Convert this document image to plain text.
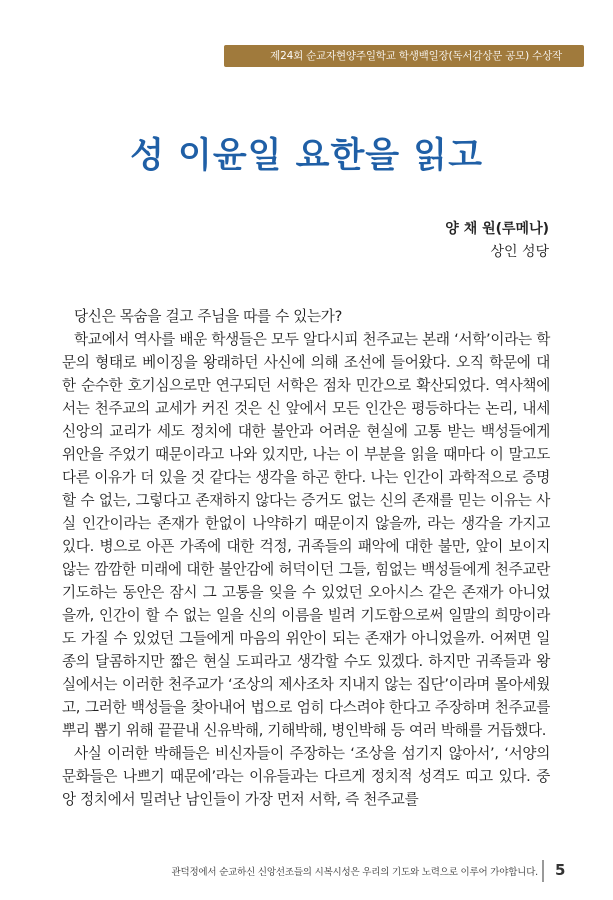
제24회 순교자현양주일학교 학생백일장(독서감상문 공모) 수상작
성 이윤일 요한을 읽고
양 채 원(루메나)
상인 성당

당신은 목숨을 걸고 주님을 따를 수 있는가?

학교에서 역사를 배운 학생들은 모두 알다시피 천주교는 본래 ‘서학’이라는 학문의 형태로 베이징을 왕래하던 사신에 의해 조선에 들어왔다. 오직 학문에 대한 순수한 호기심으로만 연구되던 서학은 점차 민간으로 확산되었다. 역사책에서는 천주교의 교세가 커진 것은 신 앞에서 모든 인간은 평등하다는 논리, 내세 신앙의 교리가 세도 정치에 대한 불안과 어려운 현실에 고통 받는 백성들에게 위안을 주었기 때문이라고 나와 있지만, 나는 이 부분을 읽을 때마다 이 말고도 다른 이유가 더 있을 것 같다는 생각을 하곤 한다. 나는 인간이 과학적으로 증명할 수 없는, 그렇다고 존재하지 않다는 증거도 없는 신의 존재를 믿는 이유는 사실 인간이라는 존재가 한없이 나약하기 때문이지 않을까, 라는 생각을 가지고 있다. 병으로 아픈 가족에 대한 걱정, 귀족들의 패악에 대한 불만, 앞이 보이지 않는 깜깜한 미래에 대한 불안감에 허덕이던 그들, 힘없는 백성들에게 천주교란 기도하는 동안은 잠시 그 고통을 잊을 수 있었던 오아시스 같은 존재가 아니었을까, 인간이 할 수 없는 일을 신의 이름을 빌려 기도함으로써 일말의 희망이라도 가질 수 있었던 그들에게 마음의 위안이 되는 존재가 아니었을까. 어쩌면 일종의 달콤하지만 짧은 현실 도피라고 생각할 수도 있겠다. 하지만 귀족들과 왕실에서는 이러한 천주교가 ‘조상의 제사조차 지내지 않는 집단’이라며 몰아세웠고, 그러한 백성들을 찾아내어 법으로 엄히 다스려야 한다고 주장하며 천주교를 뿌리 뽑기 위해 끝끝내 신유박해, 기해박해, 병인박해 등 여러 박해를 거듭했다.

사실 이러한 박해들은 비신자들이 주장하는 ‘조상을 섬기지 않아서’, ‘서양의 문화들은 나쁘기 때문에’라는 이유들과는 다르게 정치적 성격도 띠고 있다. 중앙 정치에서 밀려난 남인들이 가장 먼저 서학, 즉 천주교를

관덕정에서 순교하신 신앙선조들의 시복시성은 우리의 기도와 노력으로 이루어 가야합니다. 5
